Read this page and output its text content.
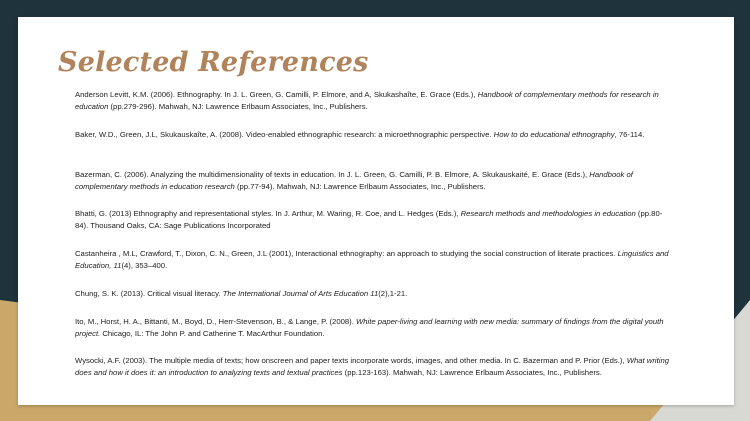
Selected References

Anderson Levitt, K.M. (2006). Ethnography. In J. L. Green, G. Camilli, P. Elmore, and A, Skukashaîte, E. Grace (Eds.), Handbook of complementary methods for research in education (pp.279-296). Mahwah, NJ: Lawrence Erlbaum Associates, Inc., Publishers.

Baker, W.D., Green, J.L, Skukauskaîte, A. (2008). Video-enabled ethnographic research: a microethnographic perspective. How to do educational ethnography, 76-114.

Bazerman, C. (2006). Analyzing the multidimensionality of texts in education. In J. L. Green, G. Camilli, P. B. Elmore, A. Skukauskaité, E. Grace (Eds.), Handbook of complementary methods in education research (pp.77-94). Mahwah, NJ: Lawrence Erlbaum Associates, Inc., Publishers.

Bhatti, G. (2013) Ethnography and representational styles. In J. Arthur, M. Waring, R. Coe, and L. Hedges (Eds.), Research methods and methodologies in education (pp.80-84). Thousand Oaks, CA: Sage Publications Incorporated

Castanheira , M.L, Crawford, T., Dixon, C. N., Green, J.L (2001), Interactional ethnography: an approach to studying the social construction of literate practices. Linguistics and Education, 11(4), 353–400.

Chung, S. K. (2013). Critical visual literacy. The International Journal of Arts Education 11(2),1-21.

Ito, M., Horst, H. A., Bittanti, M., Boyd, D., Herr-Stevenson, B., & Lange, P. (2008). White paper-living and learning with new media: summary of findings from the digital youth project. Chicago, IL: The John P. and Catherine T. MacArthur Foundation.

Wysocki, A.F. (2003). The multiple media of texts; how onscreen and paper texts incorporate words, images, and other media. In C. Bazerman and P. Prior (Eds.), What writing does and how it does it: an introduction to analyzing texts and textual practices (pp.123-163). Mahwah, NJ: Lawrence Erlbaum Associates, Inc., Publishers.
